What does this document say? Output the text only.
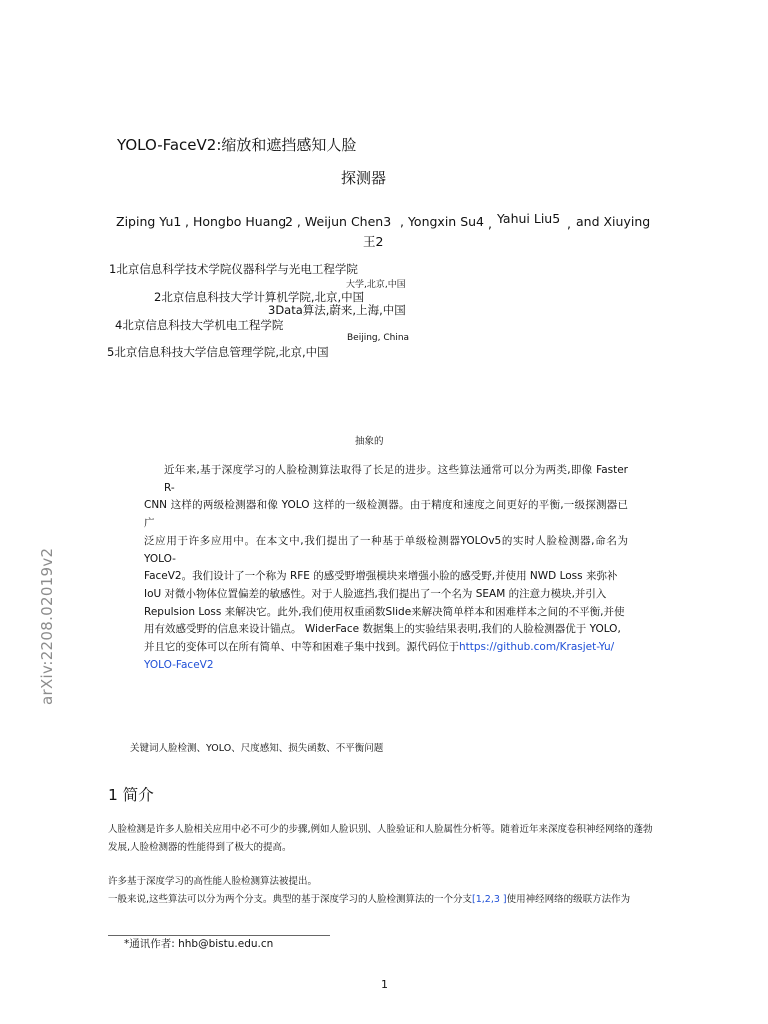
YOLO-FaceV2:缩放和遮挡感知人脸
探测器
Ziping Yu1 , Hongbo Huang
2 , Weijun Chen3 , Yongxin Su4 , Yahui Liu5 , and Xiuying
王2
1北京信息科学技术学院仪器科学与光电工程学院
大学,北京,中国
2北京信息科技大学计算机学院,北京,中国
3Data算法,蔚来,上海,中国
4北京信息科技大学机电工程学院
Beijing, China
5北京信息科技大学信息管理学院,北京,中国
抽象的
近年来,基于深度学习的人脸检测算法取得了长足的进步。这些算法通常可以分为两类,即像 Faster R-
CNN 这样的两级检测器和像 YOLO 这样的一级检测器。由于精度和速度之间更好的平衡,一级探测器已广
泛应用于许多应用中。在本文中,我们提出了一种基于单级检测器YOLOv5的实时人脸检测器,命名为YOLO-
FaceV2。我们设计了一个称为 RFE 的感受野增强模块来增强小脸的感受野,并使用 NWD Loss 来弥补
IoU 对微小物体位置偏差的敏感性。对于人脸遮挡,我们提出了一个名为 SEAM 的注意力模块,并引入
Repulsion Loss 来解决它。此外,我们使用权重函数Slide来解决简单样本和困难样本之间的不平衡,并使
用有效感受野的信息来设计锚点。 WiderFace 数据集上的实验结果表明,我们的人脸检测器优于 YOLO,
并且它的变体可以在所有简单、中等和困难子集中找到。源代码位于https://github.com/Krasjet-Yu/
YOLO-FaceV2
关键词人脸检测、YOLO、尺度感知、损失函数、不平衡问题
1 简介
人脸检测是许多人脸相关应用中必不可少的步骤,例如人脸识别、人脸验证和人脸属性分析等。随着近年来深度卷积神经网络的蓬勃
发展,人脸检测器的性能得到了极大的提高。
许多基于深度学习的高性能人脸检测算法被提出。
一般来说,这些算法可以分为两个分支。典型的基于深度学习的人脸检测算法的一个分支[1,2,3 ]使用神经网络的级联方法作为
*通讯作者: hhb@bistu.edu.cn
1
arXiv:2208.02019v2
